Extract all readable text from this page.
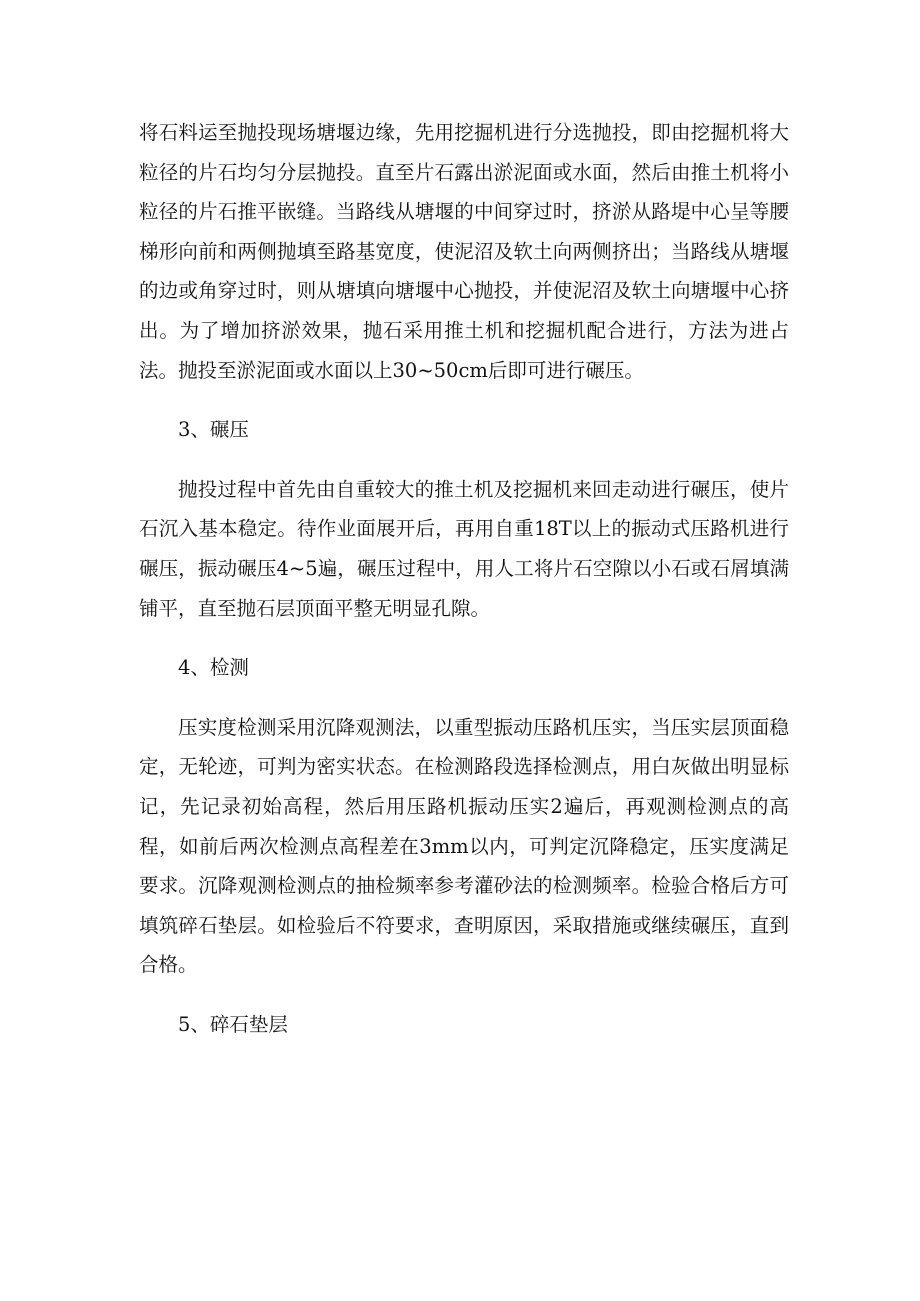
将石料运至抛投现场塘堰边缘，先用挖掘机进行分选抛投，即由挖掘机将大粒径的片石均匀分层抛投。直至片石露出淤泥面或水面，然后由推土机将小粒径的片石推平嵌缝。当路线从塘堰的中间穿过时，挤淤从路堤中心呈等腰梯形向前和两侧抛填至路基宽度，使泥沼及软土向两侧挤出；当路线从塘堰的边或角穿过时，则从塘填向塘堰中心抛投，并使泥沼及软土向塘堰中心挤出。为了增加挤淤效果，抛石采用推土机和挖掘机配合进行，方法为进占法。抛投至淤泥面或水面以上30~50cm后即可进行碾压。

3、碾压

抛投过程中首先由自重较大的推土机及挖掘机来回走动进行碾压，使片石沉入基本稳定。待作业面展开后，再用自重18T以上的振动式压路机进行碾压，振动碾压4~5遍，碾压过程中，用人工将片石空隙以小石或石屑填满铺平，直至抛石层顶面平整无明显孔隙。

4、检测

压实度检测采用沉降观测法，以重型振动压路机压实，当压实层顶面稳定，无轮迹，可判为密实状态。在检测路段选择检测点，用白灰做出明显标记，先记录初始高程，然后用压路机振动压实2遍后，再观测检测点的高程，如前后两次检测点高程差在3mm以内，可判定沉降稳定，压实度满足要求。沉降观测检测点的抽检频率参考灌砂法的检测频率。检验合格后方可填筑碎石垫层。如检验后不符要求，查明原因，采取措施或继续碾压，直到合格。

5、碎石垫层
